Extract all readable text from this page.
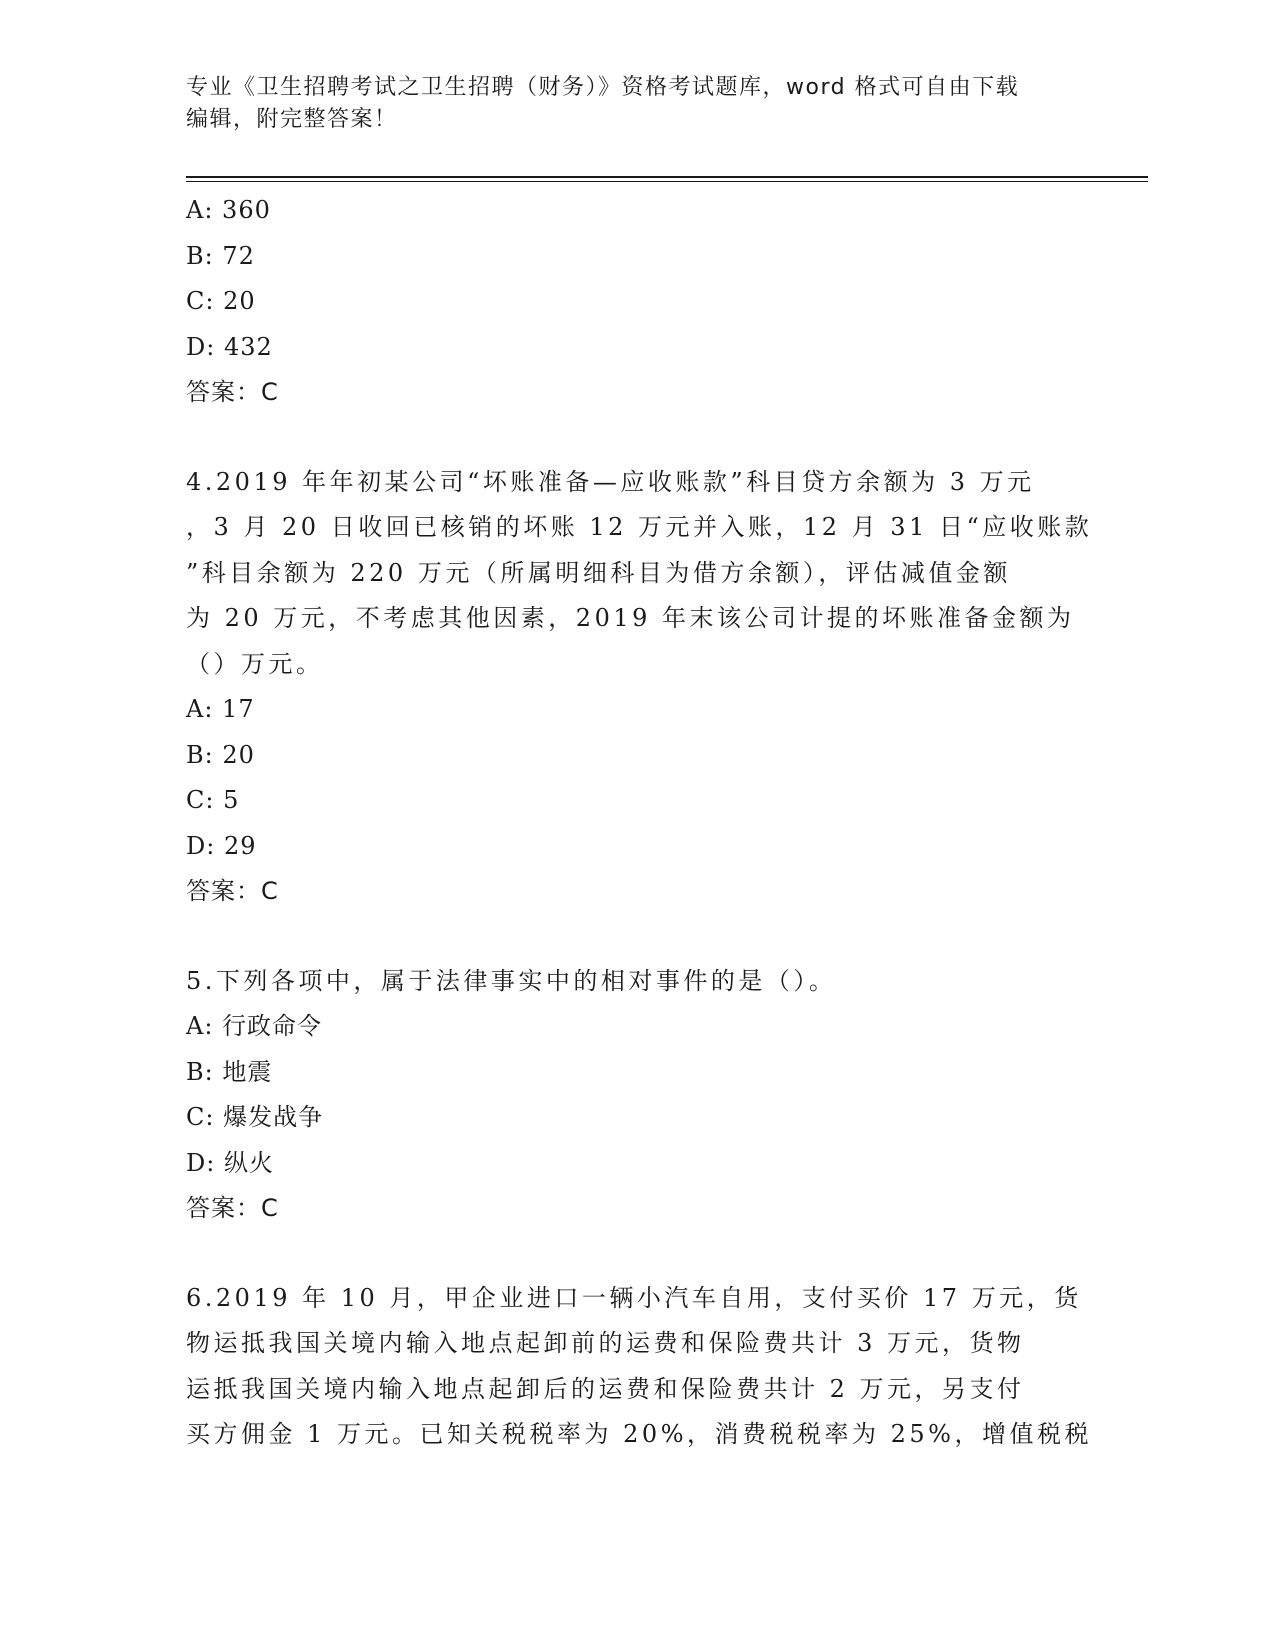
专业《卫生招聘考试之卫生招聘（财务）》资格考试题库，word 格式可自由下载
编辑，附完整答案！
A: 360
B: 72
C: 20
D: 432
答案：C
4.2019 年年初某公司“坏账准备—应收账款”科目贷方余额为 3 万元
，3 月 20 日收回已核销的坏账 12 万元并入账，12 月 31 日“应收账款
”科目余额为 220 万元（所属明细科目为借方余额），评估减值金额
为 20 万元，不考虑其他因素，2019 年末该公司计提的坏账准备金额为
（）万元。
A: 17
B: 20
C: 5
D: 29
答案：C
5.下列各项中，属于法律事实中的相对事件的是（）。
A: 行政命令
B: 地震
C: 爆发战争
D: 纵火
答案：C
6.2019 年 10 月，甲企业进口一辆小汽车自用，支付买价 17 万元，货
物运抵我国关境内输入地点起卸前的运费和保险费共计 3 万元，货物
运抵我国关境内输入地点起卸后的运费和保险费共计 2 万元，另支付
买方佣金 1 万元。已知关税税率为 20%，消费税税率为 25%，增值税税
